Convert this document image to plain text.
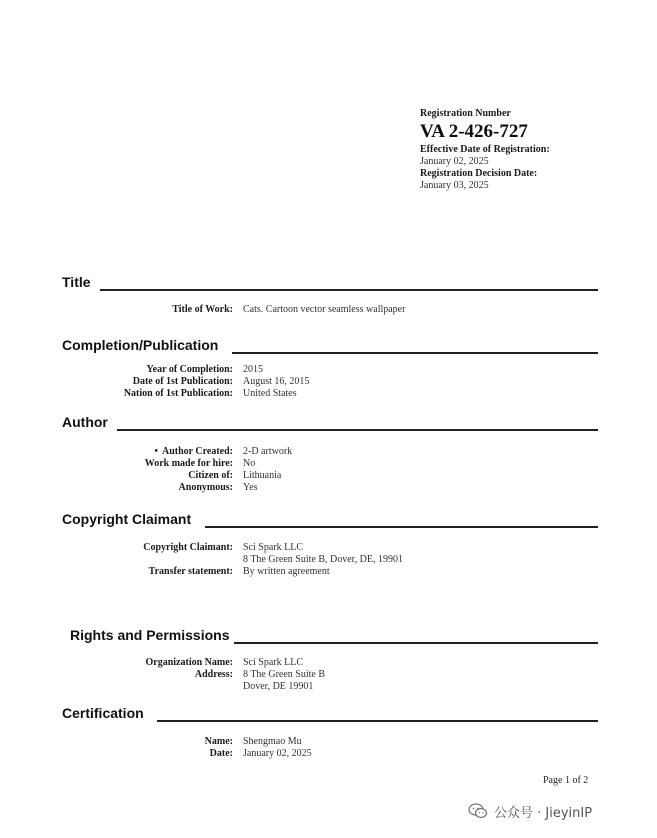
Registration Number
VA 2-426-727
Effective Date of Registration:
January 02, 2025
Registration Decision Date:
January 03, 2025
Title
Title of Work:	Cats. Cartoon vector seamless wallpaper
Completion/Publication
Year of Completion:	2015
Date of 1st Publication:	August 16, 2015
Nation of 1st Publication:	United States
Author
• Author Created:	2-D artwork
Work made for hire:	No
Citizen of:	Lithuania
Anonymous:	Yes
Copyright Claimant
Copyright Claimant:	Sci Spark LLC
8 The Green Suite B, Dover, DE, 19901
Transfer statement:	By written agreement
Rights and Permissions
Organization Name:	Sci Spark LLC
Address:	8 The Green Suite B
Dover, DE 19901
Certification
Name:	Shengmao Mu
Date:	January 02, 2025
Page 1 of 2
公众号 · JieyinIP
